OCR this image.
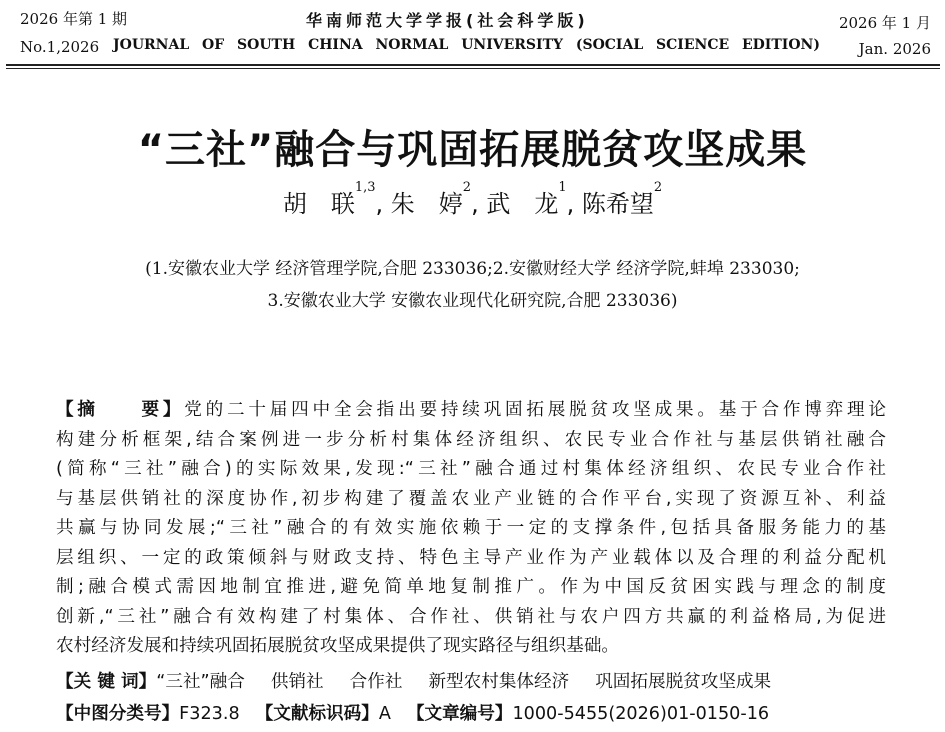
2026 年第 1 期
No.1,2026
华南师范大学学报(社会科学版)
JOURNAL OF SOUTH CHINA NORMAL UNIVERSITY (SOCIAL SCIENCE EDITION)
2026 年 1 月
Jan. 2026
“三社”融合与巩固拓展脱贫攻坚成果
胡　联$^{1,3}$, 朱　婷$^2$, 武　龙$^1$, 陈希望$^2$
(1.安徽农业大学 经济管理学院,合肥 233036;2.安徽财经大学 经济学院,蚌埠 233030;
3.安徽农业大学 安徽农业现代化研究院,合肥 233036)
【摘　　要】党的二十届四中全会指出要持续巩固拓展脱贫攻坚成果。基于合作博弈理论
构建分析框架,结合案例进一步分析村集体经济组织、农民专业合作社与基层供销社融合
(简称“三社”融合)的实际效果,发现:“三社”融合通过村集体经济组织、农民专业合作社
与基层供销社的深度协作,初步构建了覆盖农业产业链的合作平台,实现了资源互补、利益
共赢与协同发展;“三社”融合的有效实施依赖于一定的支撑条件,包括具备服务能力的基
层组织、一定的政策倾斜与财政支持、特色主导产业作为产业载体以及合理的利益分配机
制;融合模式需因地制宜推进,避免简单地复制推广。作为中国反贫困实践与理念的制度
创新,“三社”融合有效构建了村集体、合作社、供销社与农户四方共赢的利益格局,为促进
农村经济发展和持续巩固拓展脱贫攻坚成果提供了现实路径与组织基础。
【关 键 词】“三社”融合 供销社 合作社 新型农村集体经济 巩固拓展脱贫攻坚成果
【中图分类号】F323.8 【文献标识码】A 【文章编号】1000-5455(2026)01-0150-16
